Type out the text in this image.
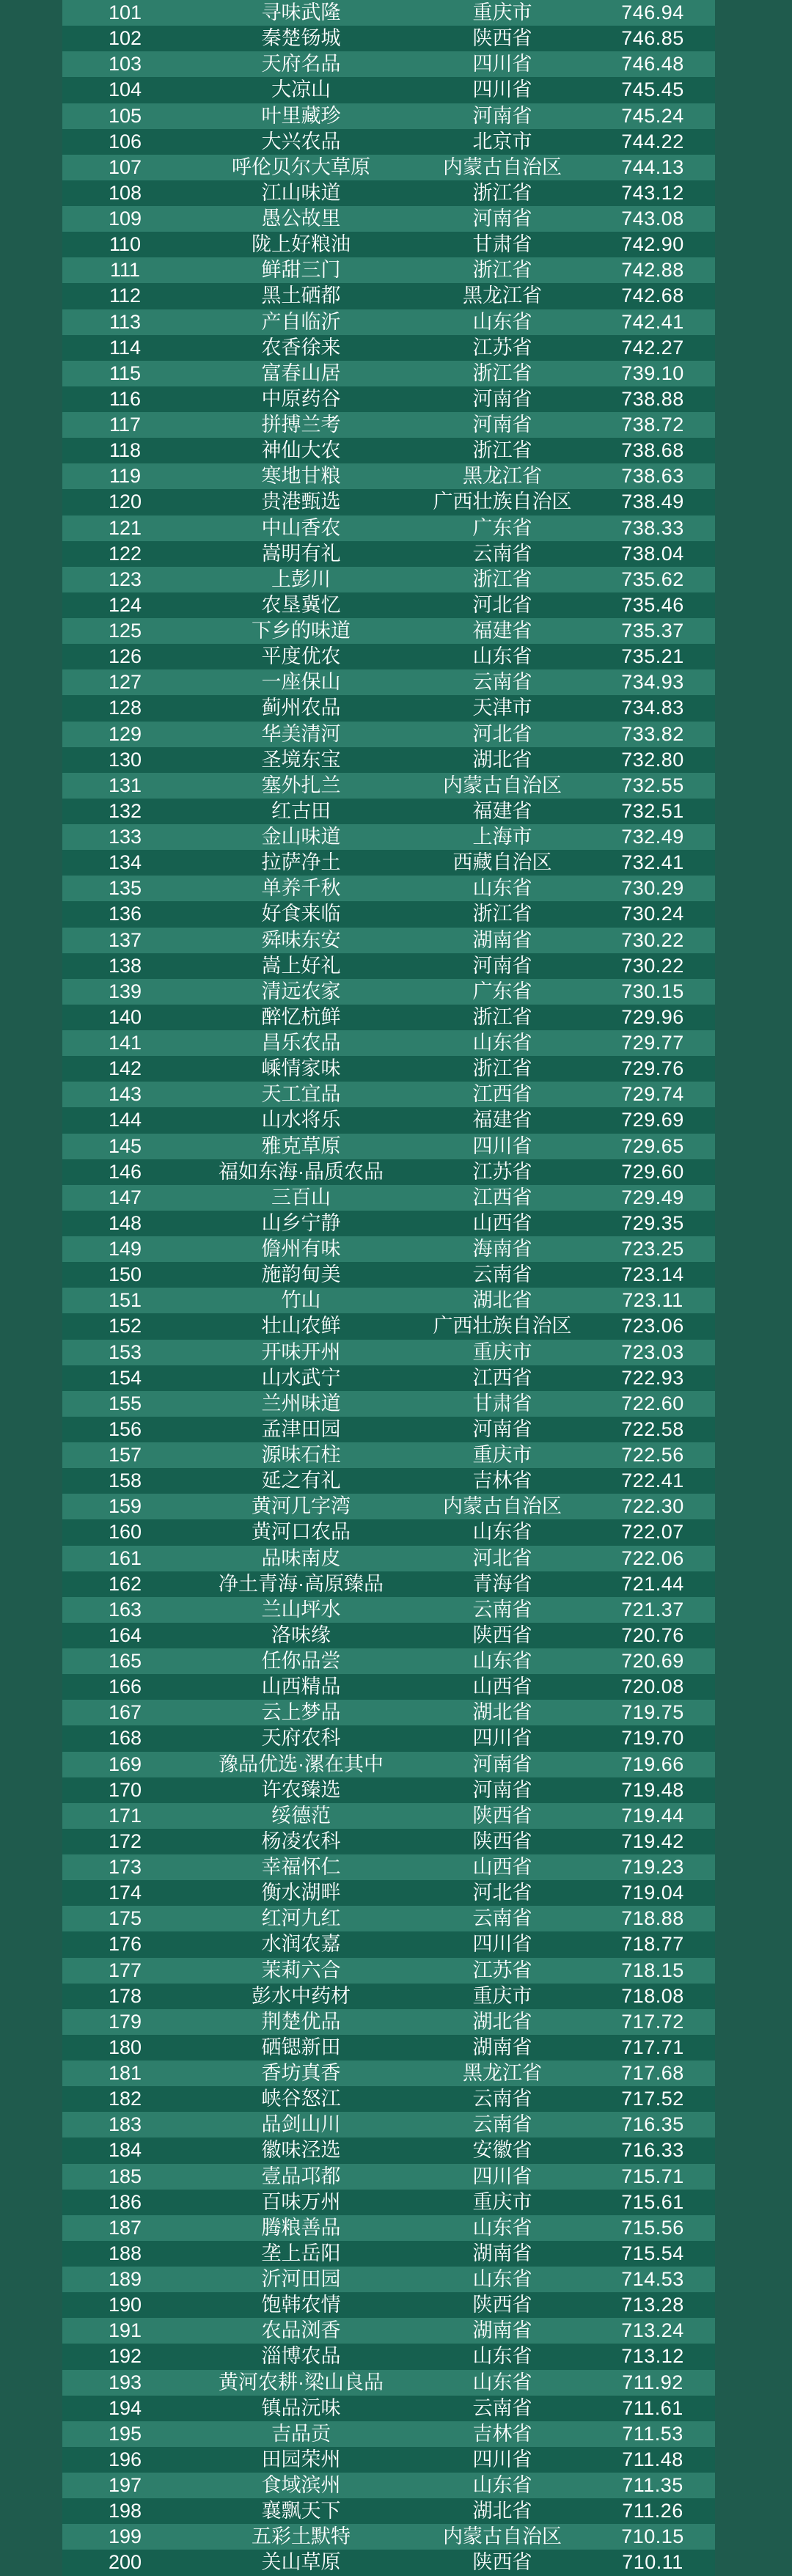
101	寻味武隆	重庆市	746.94
102	秦楚钖城	陕西省	746.85
103	天府名品	四川省	746.48
104	大凉山	四川省	745.45
105	叶里藏珍	河南省	745.24
106	大兴农品	北京市	744.22
107	呼伦贝尔大草原	内蒙古自治区	744.13
108	江山味道	浙江省	743.12
109	愚公故里	河南省	743.08
110	陇上好粮油	甘肃省	742.90
111	鲜甜三门	浙江省	742.88
112	黑土硒都	黑龙江省	742.68
113	产自临沂	山东省	742.41
114	农香徐来	江苏省	742.27
115	富春山居	浙江省	739.10
116	中原药谷	河南省	738.88
117	拼搏兰考	河南省	738.72
118	神仙大农	浙江省	738.68
119	寒地甘粮	黑龙江省	738.63
120	贵港甄选	广西壮族自治区	738.49
121	中山香农	广东省	738.33
122	嵩明有礼	云南省	738.04
123	上彭川	浙江省	735.62
124	农垦冀忆	河北省	735.46
125	下乡的味道	福建省	735.37
126	平度优农	山东省	735.21
127	一座保山	云南省	734.93
128	蓟州农品	天津市	734.83
129	华美清河	河北省	733.82
130	圣境东宝	湖北省	732.80
131	塞外扎兰	内蒙古自治区	732.55
132	红古田	福建省	732.51
133	金山味道	上海市	732.49
134	拉萨净土	西藏自治区	732.41
135	单养千秋	山东省	730.29
136	好食来临	浙江省	730.24
137	舜味东安	湖南省	730.22
138	嵩上好礼	河南省	730.22
139	清远农家	广东省	730.15
140	醉忆杭鲜	浙江省	729.96
141	昌乐农品	山东省	729.77
142	嵊情家味	浙江省	729.76
143	天工宜品	江西省	729.74
144	山水将乐	福建省	729.69
145	雅克草原	四川省	729.65
146	福如东海·晶质农品	江苏省	729.60
147	三百山	江西省	729.49
148	山乡宁静	山西省	729.35
149	儋州有味	海南省	723.25
150	施韵甸美	云南省	723.14
151	竹山	湖北省	723.11
152	壮山农鲜	广西壮族自治区	723.06
153	开味开州	重庆市	723.03
154	山水武宁	江西省	722.93
155	兰州味道	甘肃省	722.60
156	孟津田园	河南省	722.58
157	源味石柱	重庆市	722.56
158	延之有礼	吉林省	722.41
159	黄河几字湾	内蒙古自治区	722.30
160	黄河口农品	山东省	722.07
161	品味南皮	河北省	722.06
162	净土青海·高原臻品	青海省	721.44
163	兰山坪水	云南省	721.37
164	洛味缘	陕西省	720.76
165	任你品尝	山东省	720.69
166	山西精品	山西省	720.08
167	云上梦品	湖北省	719.75
168	天府农科	四川省	719.70
169	豫品优选·漯在其中	河南省	719.66
170	许农臻选	河南省	719.48
171	绥德范	陕西省	719.44
172	杨凌农科	陕西省	719.42
173	幸福怀仁	山西省	719.23
174	衡水湖畔	河北省	719.04
175	红河九红	云南省	718.88
176	水润农嘉	四川省	718.77
177	茉莉六合	江苏省	718.15
178	彭水中药材	重庆市	718.08
179	荆楚优品	湖北省	717.72
180	硒锶新田	湖南省	717.71
181	香坊真香	黑龙江省	717.68
182	峡谷怒江	云南省	717.52
183	品剑山川	云南省	716.35
184	徽味泾选	安徽省	716.33
185	壹品邛都	四川省	715.71
186	百味万州	重庆市	715.61
187	腾粮善品	山东省	715.56
188	垄上岳阳	湖南省	715.54
189	沂河田园	山东省	714.53
190	饱韩农情	陕西省	713.28
191	农品浏香	湖南省	713.24
192	淄博农品	山东省	713.12
193	黄河农耕·梁山良品	山东省	711.92
194	镇品沅味	云南省	711.61
195	吉品贡	吉林省	711.53
196	田园荣州	四川省	711.48
197	食域滨州	山东省	711.35
198	襄飘天下	湖北省	711.26
199	五彩土默特	内蒙古自治区	710.15
200	关山草原	陕西省	710.11
